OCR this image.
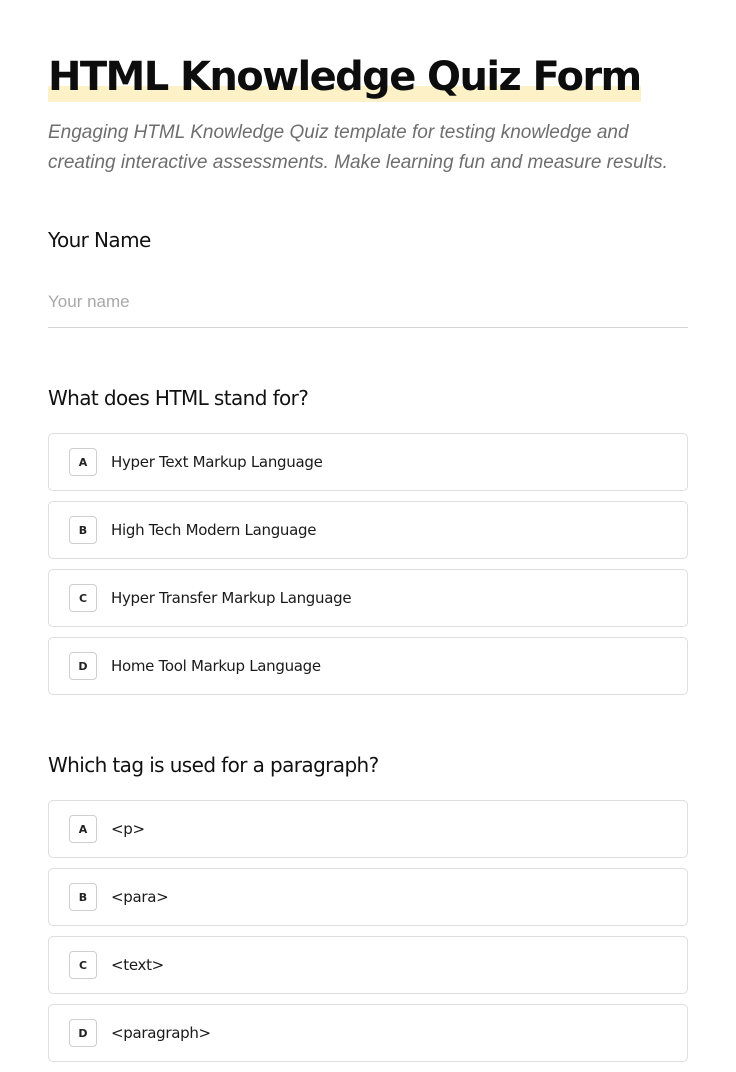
HTML Knowledge Quiz Form

Engaging HTML Knowledge Quiz template for testing knowledge and creating interactive assessments. Make learning fun and measure results.

Your Name
Your name
What does HTML stand for?
A	Hyper Text Markup Language
B	High Tech Modern Language
C	Hyper Transfer Markup Language
D	Home Tool Markup Language
Which tag is used for a paragraph?
A	<p>
B	<para>
C	<text>
D	<paragraph>
